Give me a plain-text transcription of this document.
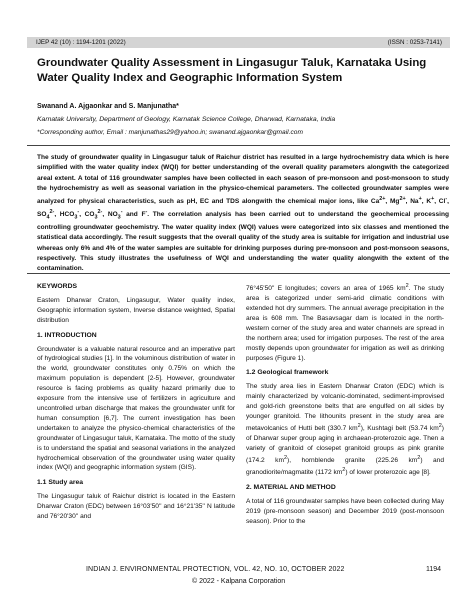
IJEP 42 (10) : 1194-1201 (2022)	(ISSN : 0253-7141)
Groundwater Quality Assessment in Lingasugur Taluk, Karnataka Using Water Quality Index and Geographic Information System
Swanand A. Ajgaonkar and S. Manjunatha*
Karnatak University, Department of Geology, Karnatak Science College, Dharwad, Karnataka, India
*Corresponding author, Email : manjunathas29@yahoo.in; swanand.ajgaonkar@gmail.com

The study of groundwater quality in Lingasugur taluk of Raichur district has resulted in a large hydrochemistry data which is here simplified with the water quality index (WQI) for better understanding of the overall quality parameters alongwith the categorized areal extent. A total of 116 groundwater samples have been collected in each season of pre-monsoon and post-monsoon to study the hydrochemistry as well as seasonal variation in the physico-chemical parameters. The collected groundwater samples were analyzed for physical characteristics, such as pH, EC and TDS alongwith the chemical major ions, like $Ca^{2+}$, $Mg^{2+}$, Na+, K+, Cl-, $SO_4^{2-}$, $HCO_3^-$, $CO_3^{2-}$, $NO_3^-$ and F-. The correlation analysis has been carried out to understand the geochemical processing controlling groundwater geochemistry. The water quality index (WQI) values were categorized into six classes and mentioned the statistical data accordingly. The result suggests that the overall quality of the study area is suitable for irrigation and industrial use whereas only 6% and 4% of the water samples are suitable for drinking purposes during pre-monsoon and post-monsoon seasons, respectively. This study illustrates the usefulness of WQI and understanding the water quality alongwith the extent of the contamination.

KEYWORDS

Eastern Dharwar Craton, Lingasugur, Water quality index, Geographic information system, Inverse distance weighted, Spatial distribution

1. INTRODUCTION

Groundwater is a valuable natural resource and an imperative part of hydrological studies [1]. In the voluminous distribution of water in the world, groundwater constitutes only 0.75% on which the maximum population is dependent [2-5]. However, groundwater resource is facing problems as quality hazard primarily due to exposure from the intensive use of fertilizers in agriculture and uncontrolled urban discharge that makes the groundwater unfit for human consumption [6,7]. The current investigation has been undertaken to analyze the physico-chemical characteristics of the groundwater of Lingasugur taluk, Karnataka. The motto of the study is to understand the spatial and seasonal variations in the analyzed hydrochemical observation of the groundwater using water quality index (WQI) and geographic information system (GIS).

1.1 Study area

The Lingasugur taluk of Raichur district is located in the Eastern Dharwar Craton (EDC) between 16°03'50'' and 16°21'35'' N latitude and 76°20'30'' and

76°45'50'' E longitudes; covers an area of 1965 $km^2$. The study area is categorized under semi-arid climatic conditions with extended hot dry summers. The annual average precipitation in the area is 608 mm. The Basavsagar dam is located in the north-western corner of the study area and water channels are spread in the northern area; used for irrigation purposes. The rest of the area mostly depends upon groundwater for irrigation as well as drinking purposes (Figure 1).

1.2 Geological framework

The study area lies in Eastern Dharwar Craton (EDC) which is mainly characterized by volcanic-dominated, sediment-improvised and gold-rich greenstone belts that are engulfed on all sides by younger granitoid. The lithounits present in the study area are metavolcanics of Hutti belt (330.7 $km^2$), Kushtagi belt (53.74 $km^2$) of Dharwar super group aging in archaean-proterozoic age. Then a variety of granitoid of closepet granitoid groups as pink granite (174.2 $km^2$), hornblende granite (225.26 $km^2$) and granodiorite/magmatite (1172 $km^2$) of lower proterozoic age [8].

2. MATERIAL AND METHOD

A total of 116 groundwater samples have been collected during May 2019 (pre-monsoon season) and December 2019 (post-monsoon season). Prior to the

INDIAN J. ENVIRONMENTAL PROTECTION, VOL. 42, NO. 10, OCTOBER 2022	1194
© 2022 - Kalpana Corporation
